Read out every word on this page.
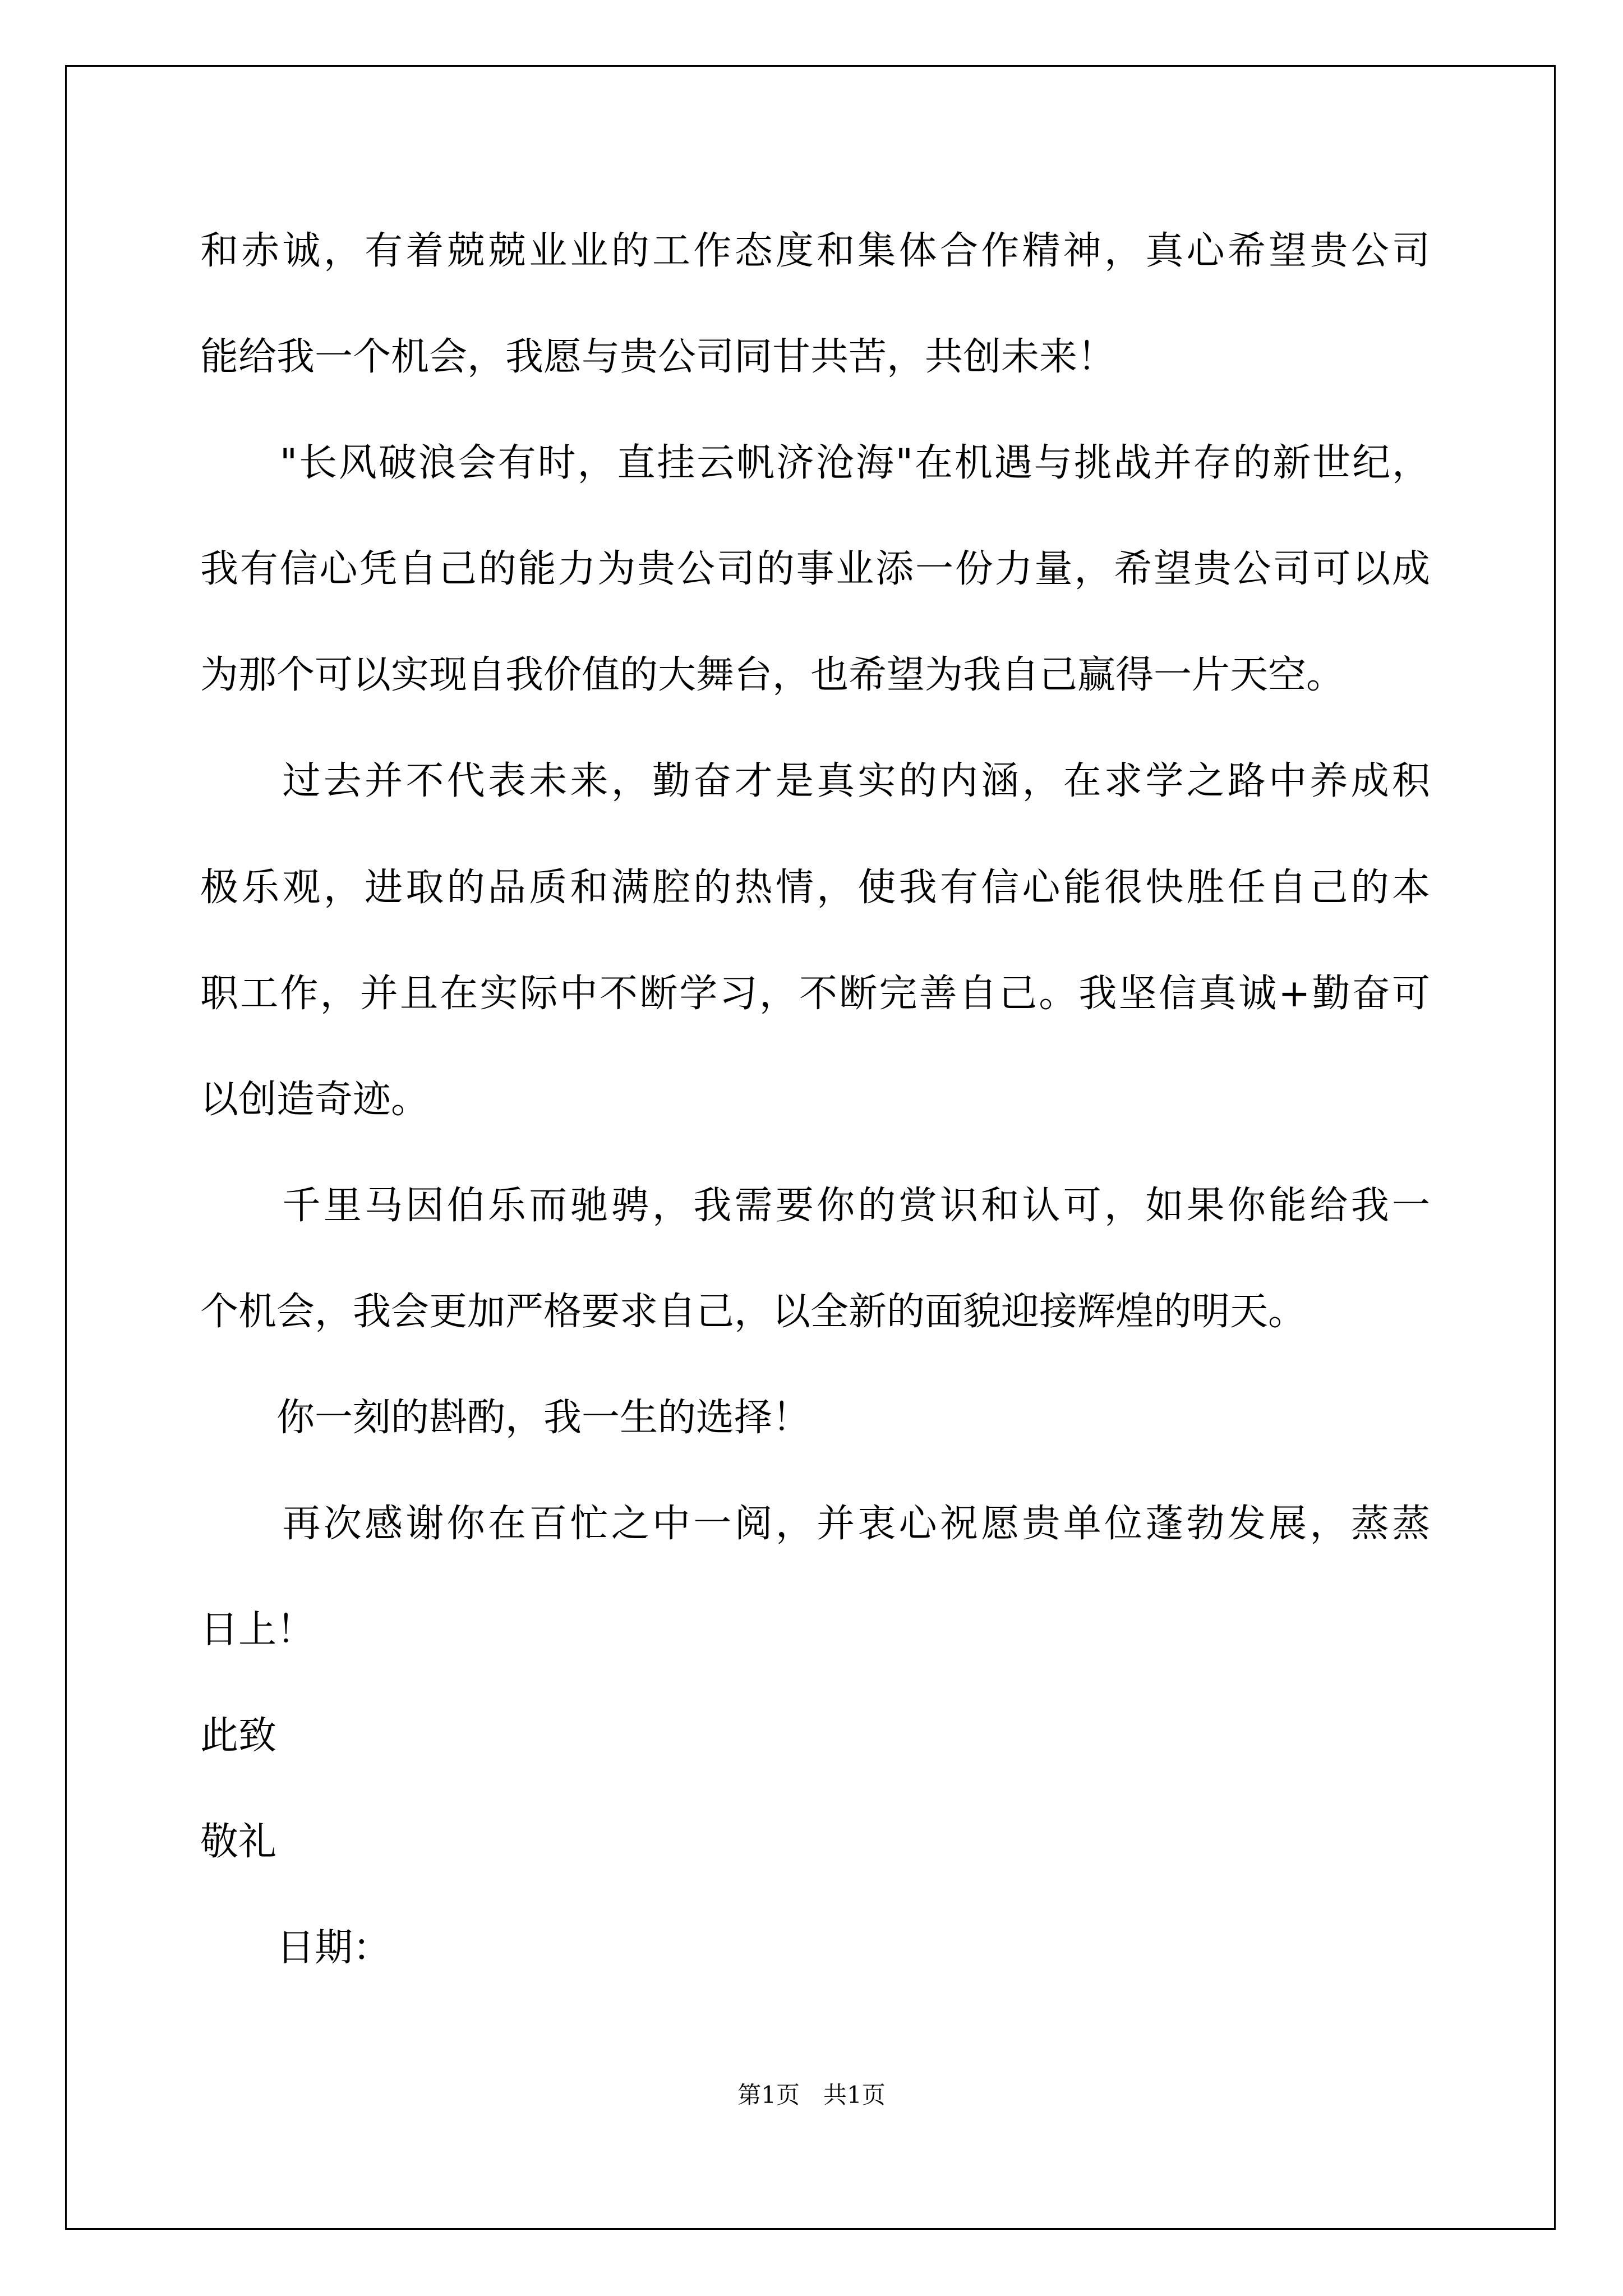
和赤诚，有着兢兢业业的工作态度和集体合作精神，真心希望贵公司

能给我一个机会，我愿与贵公司同甘共苦，共创未来！

　　"长风破浪会有时，直挂云帆济沧海"在机遇与挑战并存的新世纪，

我有信心凭自己的能力为贵公司的事业添一份力量，希望贵公司可以成

为那个可以实现自我价值的大舞台，也希望为我自己赢得一片天空。

　　过去并不代表未来，勤奋才是真实的内涵，在求学之路中养成积

极乐观，进取的品质和满腔的热情，使我有信心能很快胜任自己的本

职工作，并且在实际中不断学习，不断完善自己。我坚信真诚+勤奋可

以创造奇迹。

　　千里马因伯乐而驰骋，我需要你的赏识和认可，如果你能给我一

个机会，我会更加严格要求自己，以全新的面貌迎接辉煌的明天。

　　你一刻的斟酌，我一生的选择！

　　再次感谢你在百忙之中一阅，并衷心祝愿贵单位蓬勃发展，蒸蒸

日上！

此致

敬礼

　　日期：

第1页　共1页
